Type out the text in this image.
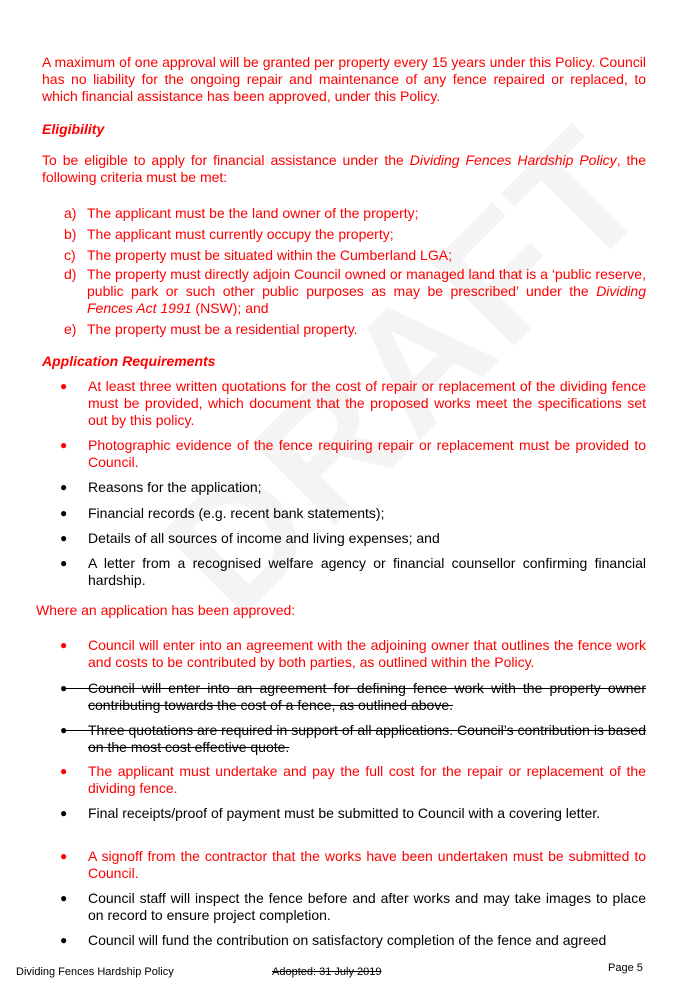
A maximum of one approval will be granted per property every 15 years under this Policy. Council has no liability for the ongoing repair and maintenance of any fence repaired or replaced, to which financial assistance has been approved, under this Policy.
Eligibility
To be eligible to apply for financial assistance under the Dividing Fences Hardship Policy, the following criteria must be met:
a) The applicant must be the land owner of the property;
b) The applicant must currently occupy the property;
c) The property must be situated within the Cumberland LGA;
d) The property must directly adjoin Council owned or managed land that is a ‘public reserve, public park or such other public purposes as may be prescribed’ under the Dividing Fences Act 1991 (NSW); and
e) The property must be a residential property.
Application Requirements
● At least three written quotations for the cost of repair or replacement of the dividing fence must be provided, which document that the proposed works meet the specifications set out by this policy.
● Photographic evidence of the fence requiring repair or replacement must be provided to Council.
● Reasons for the application;
● Financial records (e.g. recent bank statements);
● Details of all sources of income and living expenses; and
● A letter from a recognised welfare agency or financial counsellor confirming financial hardship.
Where an application has been approved:
● Council will enter into an agreement with the adjoining owner that outlines the fence work and costs to be contributed by both parties, as outlined within the Policy.
● Council will enter into an agreement for defining fence work with the property owner contributing towards the cost of a fence, as outlined above.
● Three quotations are required in support of all applications. Council’s contribution is based on the most cost effective quote.
● The applicant must undertake and pay the full cost for the repair or replacement of the dividing fence.
● Final receipts/proof of payment must be submitted to Council with a covering letter.
● A signoff from the contractor that the works have been undertaken must be submitted to Council.
● Council staff will inspect the fence before and after works and may take images to place on record to ensure project completion.
● Council will fund the contribution on satisfactory completion of the fence and agreed
Dividing Fences Hardship Policy	Adopted: 31 July 2019	Page 5
